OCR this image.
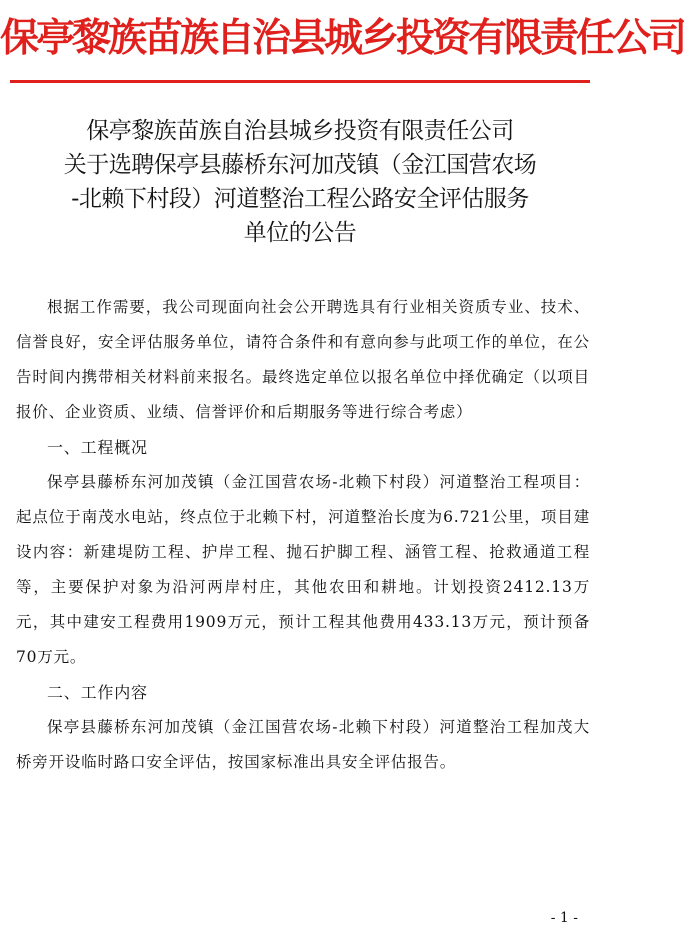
保亭黎族苗族自治县城乡投资有限责任公司
保亭黎族苗族自治县城乡投资有限责任公司
关于选聘保亭县藤桥东河加茂镇（金江国营农场
-北赖下村段）河道整治工程公路安全评估服务
单位的公告

根据工作需要，我公司现面向社会公开聘选具有行业相关资质专业、技术、信誉良好，安全评估服务单位，请符合条件和有意向参与此项工作的单位，在公告时间内携带相关材料前来报名。最终选定单位以报名单位中择优确定（以项目报价、企业资质、业绩、信誉评价和后期服务等进行综合考虑）

一、工程概况

保亭县藤桥东河加茂镇（金江国营农场-北赖下村段）河道整治工程项目：起点位于南茂水电站，终点位于北赖下村，河道整治长度为6.721公里，项目建设内容：新建堤防工程、护岸工程、抛石护脚工程、涵管工程、抢救通道工程等，主要保护对象为沿河两岸村庄，其他农田和耕地。计划投资2412.13万元，其中建安工程费用1909万元，预计工程其他费用433.13万元，预计预备70万元。

二、工作内容

保亭县藤桥东河加茂镇（金江国营农场-北赖下村段）河道整治工程加茂大桥旁开设临时路口安全评估，按国家标准出具安全评估报告。

- 1 -
